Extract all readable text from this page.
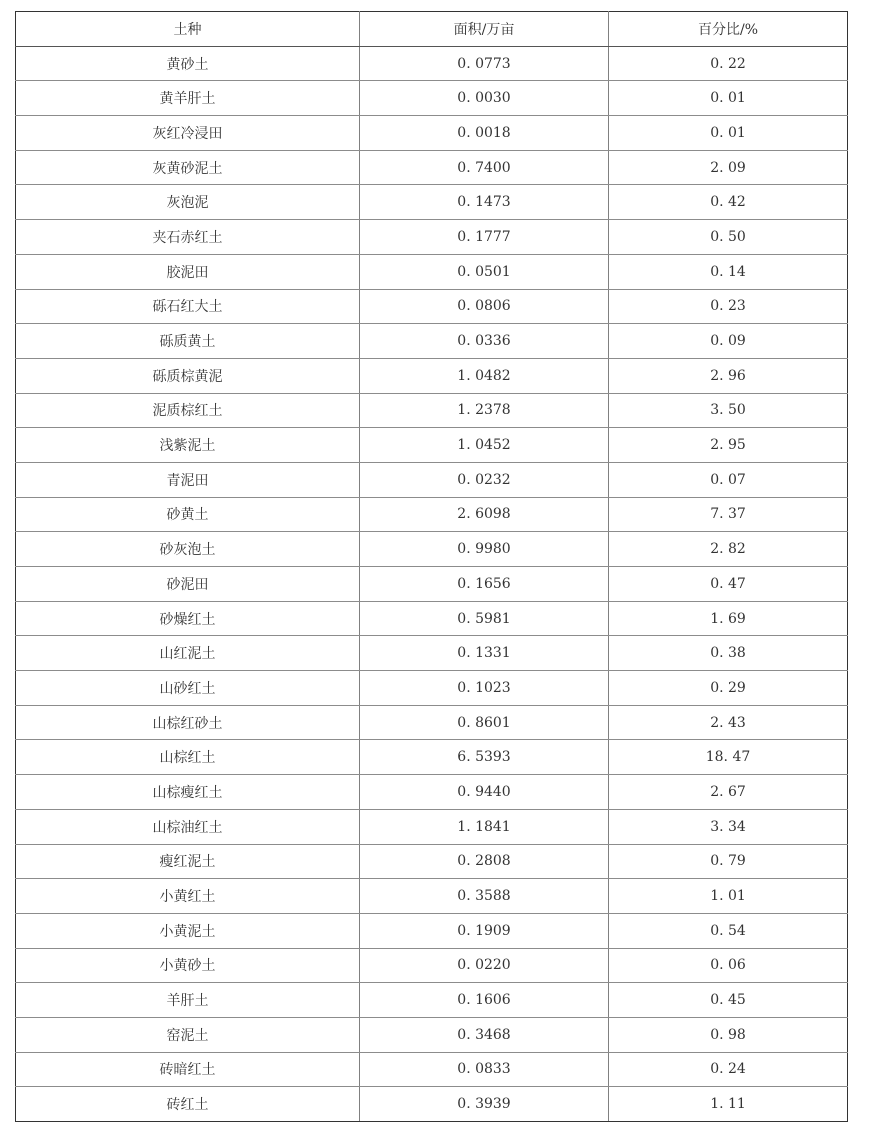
土种	面积/万亩	百分比/%
黄砂土	0. 0773	0. 22
黄羊肝土	0. 0030	0. 01
灰红冷浸田	0. 0018	0. 01
灰黄砂泥土	0. 7400	2. 09
灰泡泥	0. 1473	0. 42
夹石赤红土	0. 1777	0. 50
胶泥田	0. 0501	0. 14
砾石红大土	0. 0806	0. 23
砾质黄土	0. 0336	0. 09
砾质棕黄泥	1. 0482	2. 96
泥质棕红土	1. 2378	3. 50
浅紫泥土	1. 0452	2. 95
青泥田	0. 0232	0. 07
砂黄土	2. 6098	7. 37
砂灰泡土	0. 9980	2. 82
砂泥田	0. 1656	0. 47
砂燥红土	0. 5981	1. 69
山红泥土	0. 1331	0. 38
山砂红土	0. 1023	0. 29
山棕红砂土	0. 8601	2. 43
山棕红土	6. 5393	18. 47
山棕瘦红土	0. 9440	2. 67
山棕油红土	1. 1841	3. 34
瘦红泥土	0. 2808	0. 79
小黄红土	0. 3588	1. 01
小黄泥土	0. 1909	0. 54
小黄砂土	0. 0220	0. 06
羊肝土	0. 1606	0. 45
窑泥土	0. 3468	0. 98
砖暗红土	0. 0833	0. 24
砖红土	0. 3939	1. 11
